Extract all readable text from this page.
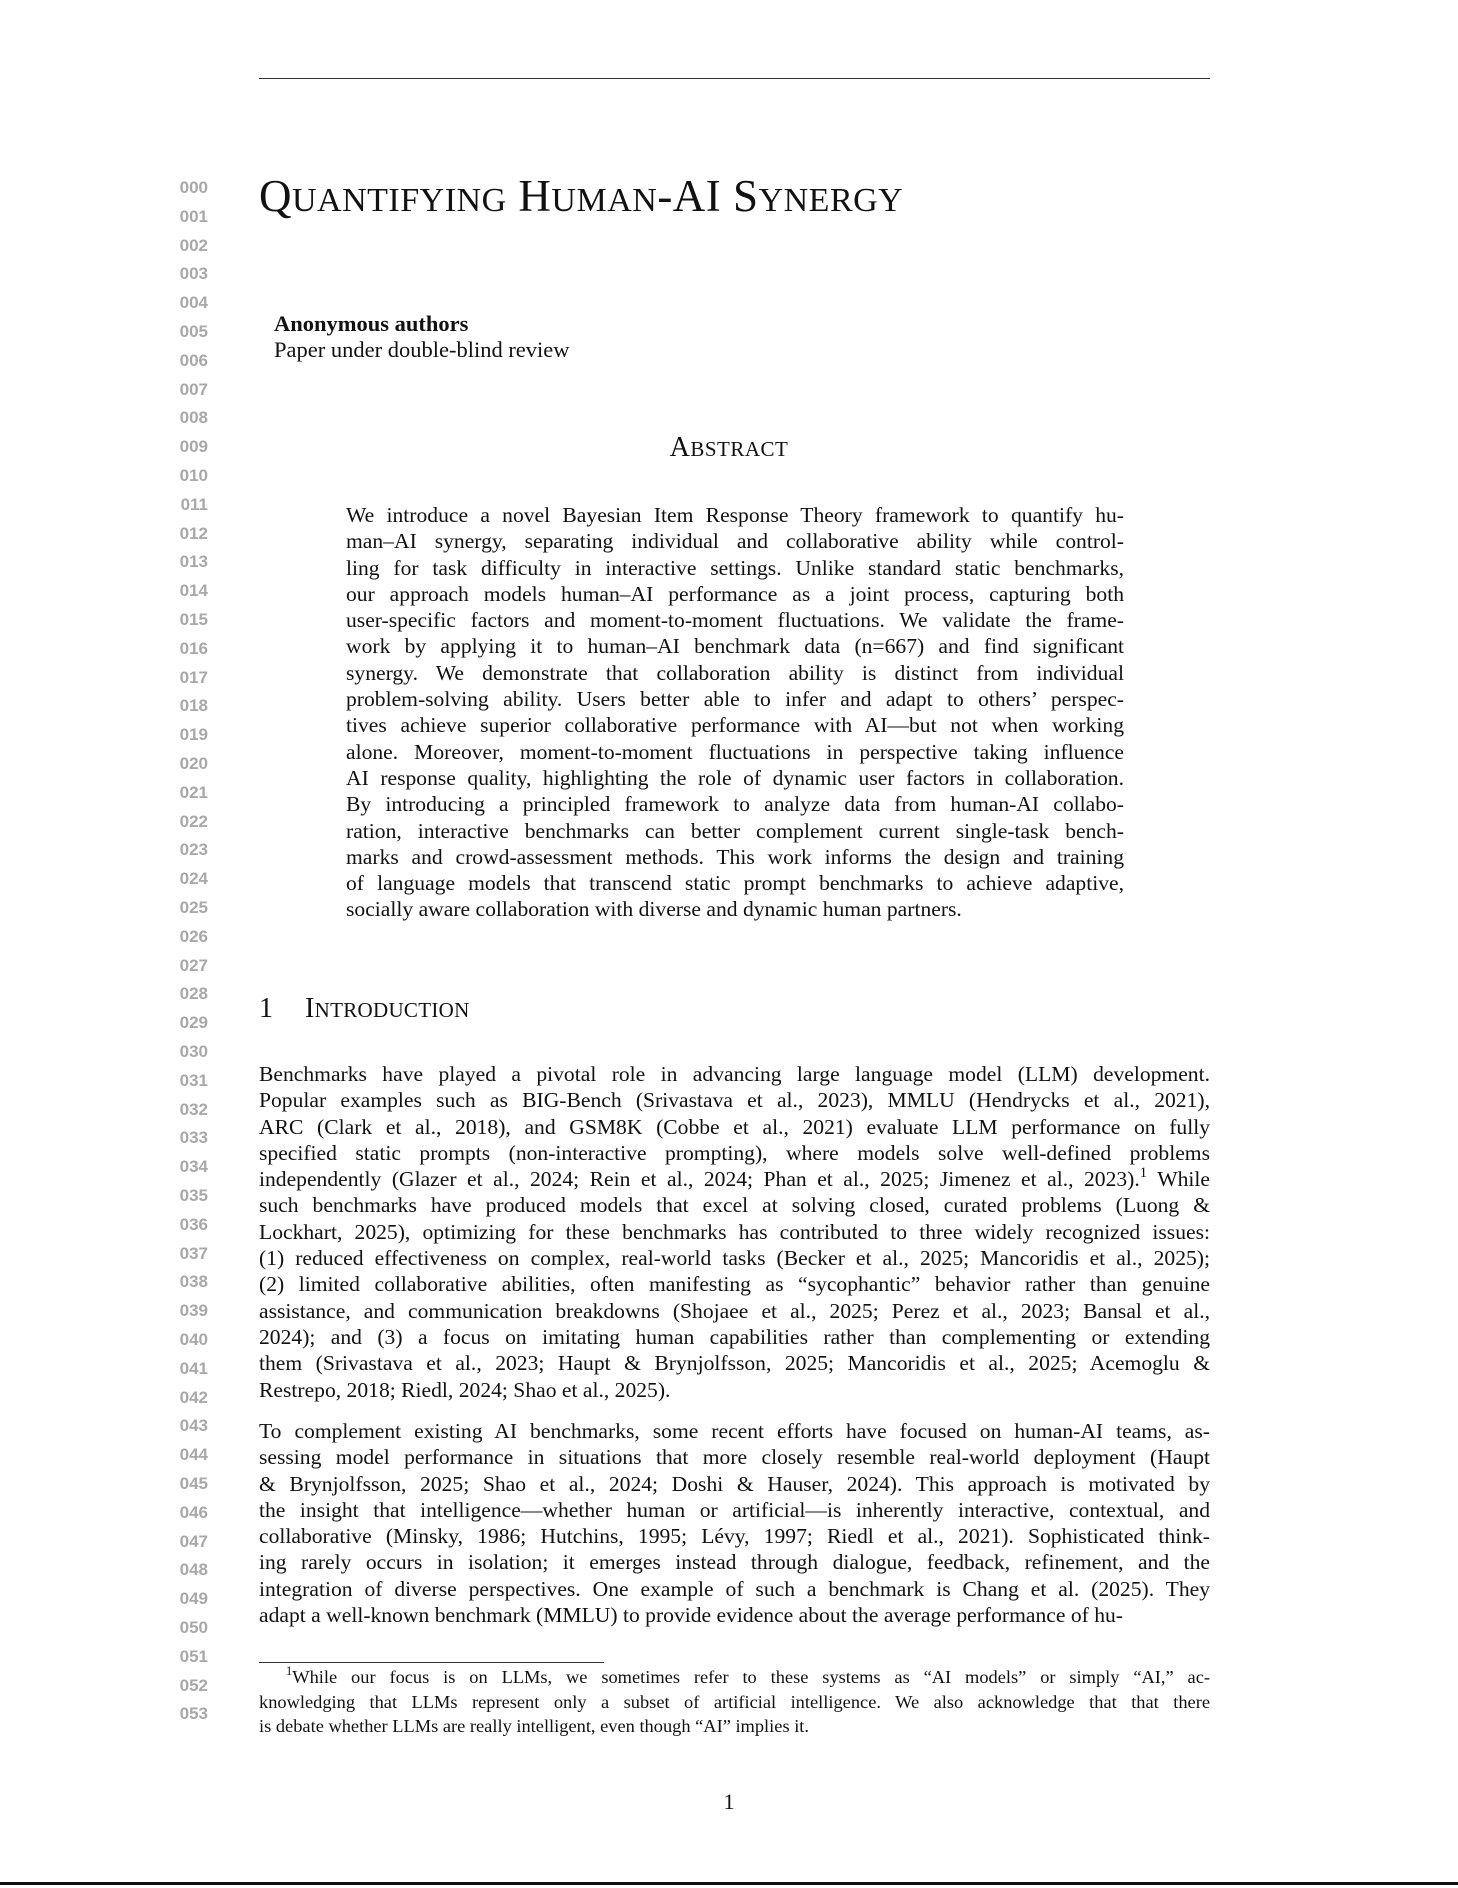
000
001
002
003
004
005
006
007
008
009
010
011
012
013
014
015
016
017
018
019
020
021
022
023
024
025
026
027
028
029
030
031
032
033
034
035
036
037
038
039
040
041
042
043
044
045
046
047
048
049
050
051
052
053
QUANTIFYING HUMAN-AI SYNERGY
Anonymous authors
Paper under double-blind review
ABSTRACT
We introduce a novel Bayesian Item Response Theory framework to quantify hu-
man–AI synergy, separating individual and collaborative ability while control-
ling for task difficulty in interactive settings. Unlike standard static benchmarks,
our approach models human–AI performance as a joint process, capturing both
user-specific factors and moment-to-moment fluctuations. We validate the frame-
work by applying it to human–AI benchmark data (n=667) and find significant
synergy. We demonstrate that collaboration ability is distinct from individual
problem-solving ability. Users better able to infer and adapt to others’ perspec-
tives achieve superior collaborative performance with AI—but not when working
alone. Moreover, moment-to-moment fluctuations in perspective taking influence
AI response quality, highlighting the role of dynamic user factors in collaboration.
By introducing a principled framework to analyze data from human-AI collabo-
ration, interactive benchmarks can better complement current single-task bench-
marks and crowd-assessment methods. This work informs the design and training
of language models that transcend static prompt benchmarks to achieve adaptive,
socially aware collaboration with diverse and dynamic human partners.
1 INTRODUCTION
Benchmarks have played a pivotal role in advancing large language model (LLM) development.
Popular examples such as BIG-Bench (Srivastava et al., 2023), MMLU (Hendrycks et al., 2021),
ARC (Clark et al., 2018), and GSM8K (Cobbe et al., 2021) evaluate LLM performance on fully
specified static prompts (non-interactive prompting), where models solve well-defined problems
independently (Glazer et al., 2024; Rein et al., 2024; Phan et al., 2025; Jimenez et al., 2023).$^1$ While
such benchmarks have produced models that excel at solving closed, curated problems (Luong &
Lockhart, 2025), optimizing for these benchmarks has contributed to three widely recognized issues:
(1) reduced effectiveness on complex, real-world tasks (Becker et al., 2025; Mancoridis et al., 2025);
(2) limited collaborative abilities, often manifesting as “sycophantic” behavior rather than genuine
assistance, and communication breakdowns (Shojaee et al., 2025; Perez et al., 2023; Bansal et al.,
2024); and (3) a focus on imitating human capabilities rather than complementing or extending
them (Srivastava et al., 2023; Haupt & Brynjolfsson, 2025; Mancoridis et al., 2025; Acemoglu &
Restrepo, 2018; Riedl, 2024; Shao et al., 2025).
To complement existing AI benchmarks, some recent efforts have focused on human-AI teams, as-
sessing model performance in situations that more closely resemble real-world deployment (Haupt
& Brynjolfsson, 2025; Shao et al., 2024; Doshi & Hauser, 2024). This approach is motivated by
the insight that intelligence—whether human or artificial—is inherently interactive, contextual, and
collaborative (Minsky, 1986; Hutchins, 1995; Lévy, 1997; Riedl et al., 2021). Sophisticated think-
ing rarely occurs in isolation; it emerges instead through dialogue, feedback, refinement, and the
integration of diverse perspectives. One example of such a benchmark is Chang et al. (2025). They
adapt a well-known benchmark (MMLU) to provide evidence about the average performance of hu-
$^1$While our focus is on LLMs, we sometimes refer to these systems as “AI models” or simply “AI,” ac-
knowledging that LLMs represent only a subset of artificial intelligence. We also acknowledge that that there
is debate whether LLMs are really intelligent, even though “AI” implies it.
1
